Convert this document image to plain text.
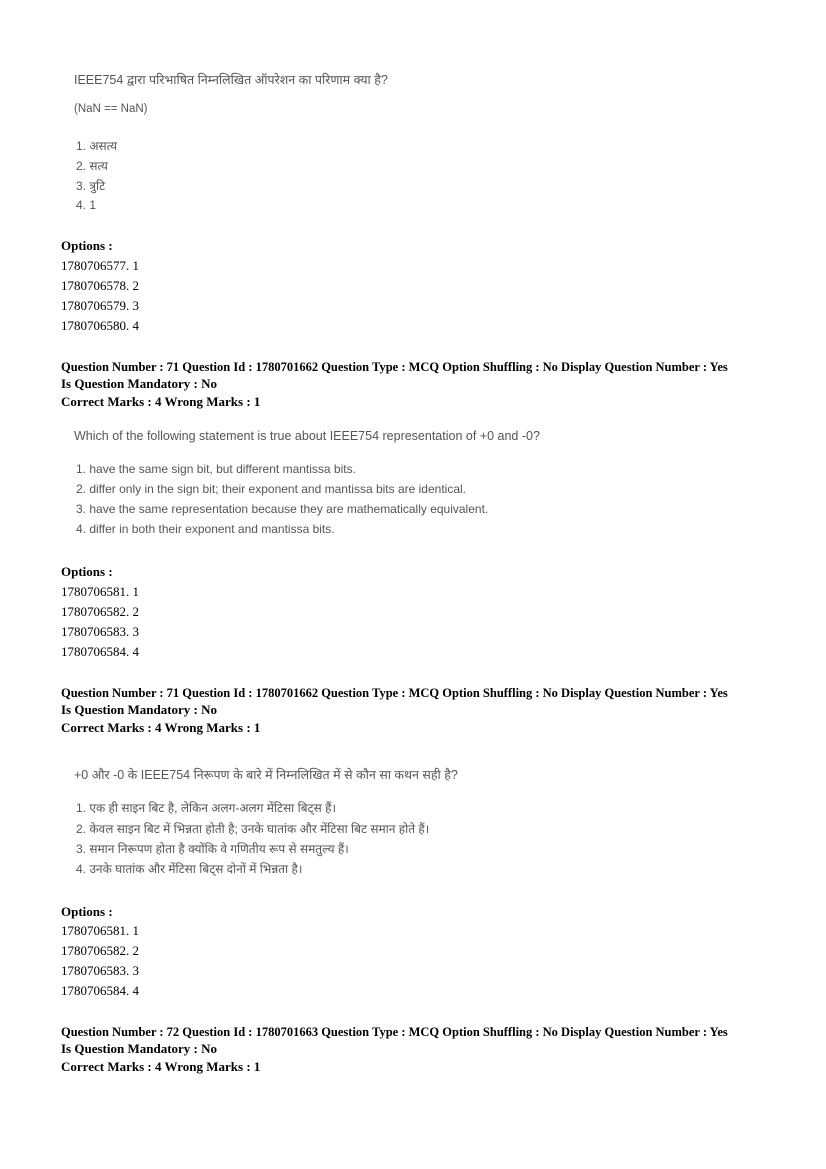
IEEE754 द्वारा परिभाषित निम्नलिखित ऑपरेशन का परिणाम क्या है?
(NaN == NaN)
1. असत्य
2. सत्य
3. त्रुटि
4. 1
Options :
1780706577. 1
1780706578. 2
1780706579. 3
1780706580. 4
Question Number : 71 Question Id : 1780701662 Question Type : MCQ Option Shuffling : No Display Question Number : Yes
Is Question Mandatory : No
Correct Marks : 4 Wrong Marks : 1
Which of the following statement is true about IEEE754 representation of +0 and -0?
1. have the same sign bit, but different mantissa bits.
2. differ only in the sign bit; their exponent and mantissa bits are identical.
3. have the same representation because they are mathematically equivalent.
4. differ in both their exponent and mantissa bits.
Options :
1780706581. 1
1780706582. 2
1780706583. 3
1780706584. 4
Question Number : 71 Question Id : 1780701662 Question Type : MCQ Option Shuffling : No Display Question Number : Yes
Is Question Mandatory : No
Correct Marks : 4 Wrong Marks : 1
+0 और -0 के IEEE754 निरूपण के बारे में निम्नलिखित में से कौन सा कथन सही है?
1. एक ही साइन बिट है, लेकिन अलग-अलग मेंटिसा बिट्स हैं।
2. केवल साइन बिट में भिन्नता होती है; उनके घातांक और मेंटिसा बिट समान होते हैं।
3. समान निरूपण होता है क्योंकि वे गणितीय रूप से समतुल्य हैं।
4. उनके घातांक और मेंटिसा बिट्स दोनों में भिन्नता है।
Options :
1780706581. 1
1780706582. 2
1780706583. 3
1780706584. 4
Question Number : 72 Question Id : 1780701663 Question Type : MCQ Option Shuffling : No Display Question Number : Yes
Is Question Mandatory : No
Correct Marks : 4 Wrong Marks : 1
